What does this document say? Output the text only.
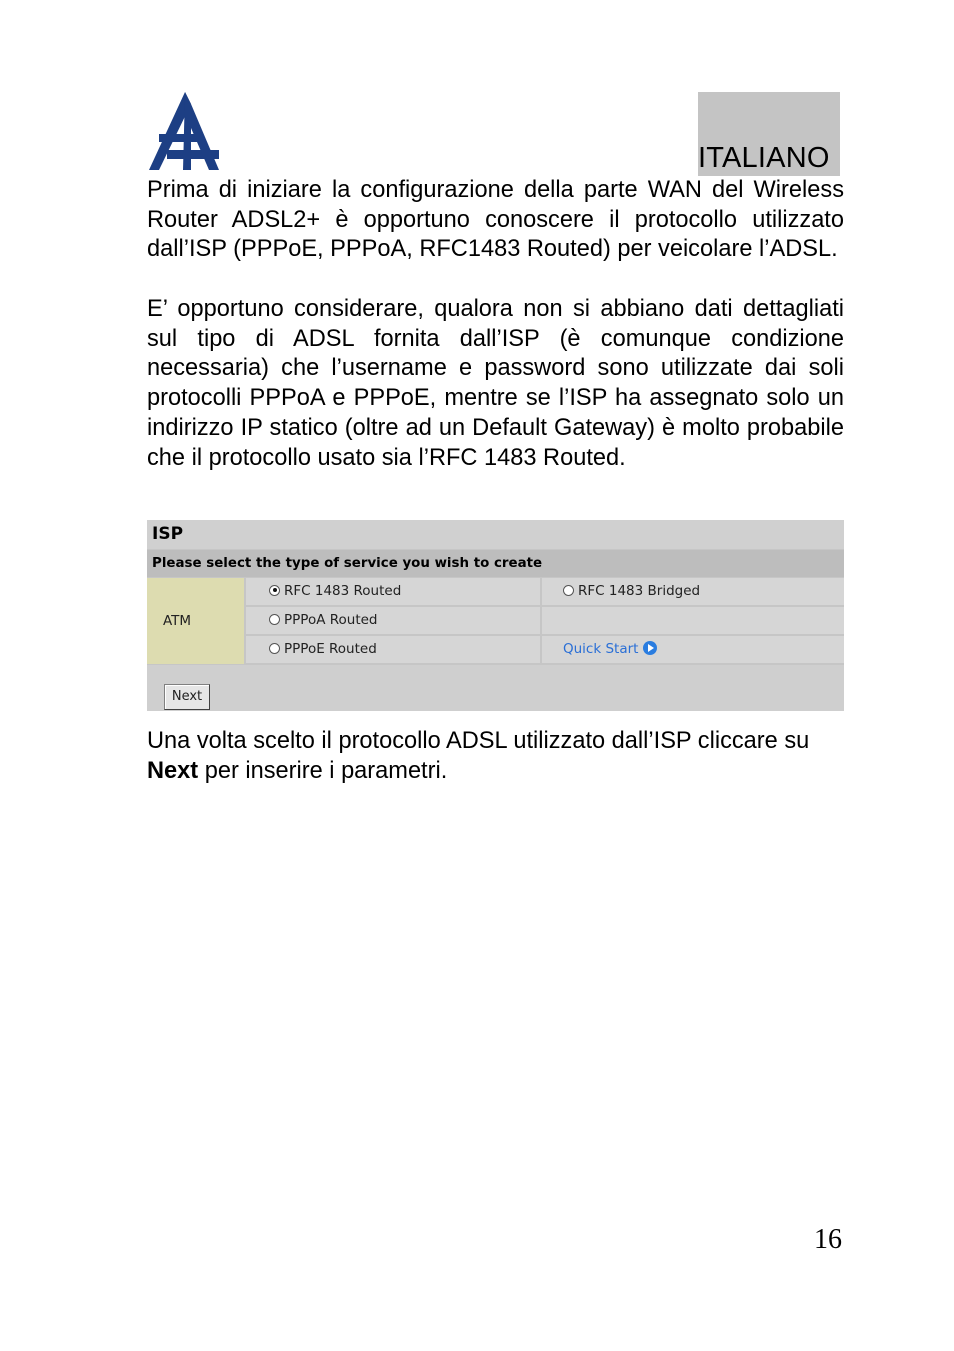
ITALIANO

Prima di iniziare la configurazione della parte WAN del Wireless Router ADSL2+ è opportuno conoscere il protocollo utilizzato dall’ISP (PPPoE, PPPoA, RFC1483 Routed) per veicolare l’ADSL.

E’ opportuno considerare, qualora non si abbiano dati dettagliati sul tipo di ADSL fornita dall’ISP (è comunque condizione necessaria) che l’username e password sono utilizzate dai soli protocolli PPPoA e PPPoE, mentre se l’ISP ha assegnato solo un indirizzo IP statico (oltre ad un Default Gateway) è molto probabile che il protocollo usato sia l’RFC 1483 Routed.

ISP
Please select the type of service you wish to create
ATM
RFC 1483 Routed	RFC 1483 Bridged
PPPoA Routed
PPPoE Routed	Quick Start
Next

Una volta scelto il protocollo ADSL utilizzato dall’ISP cliccare su Next per inserire i parametri.

16
